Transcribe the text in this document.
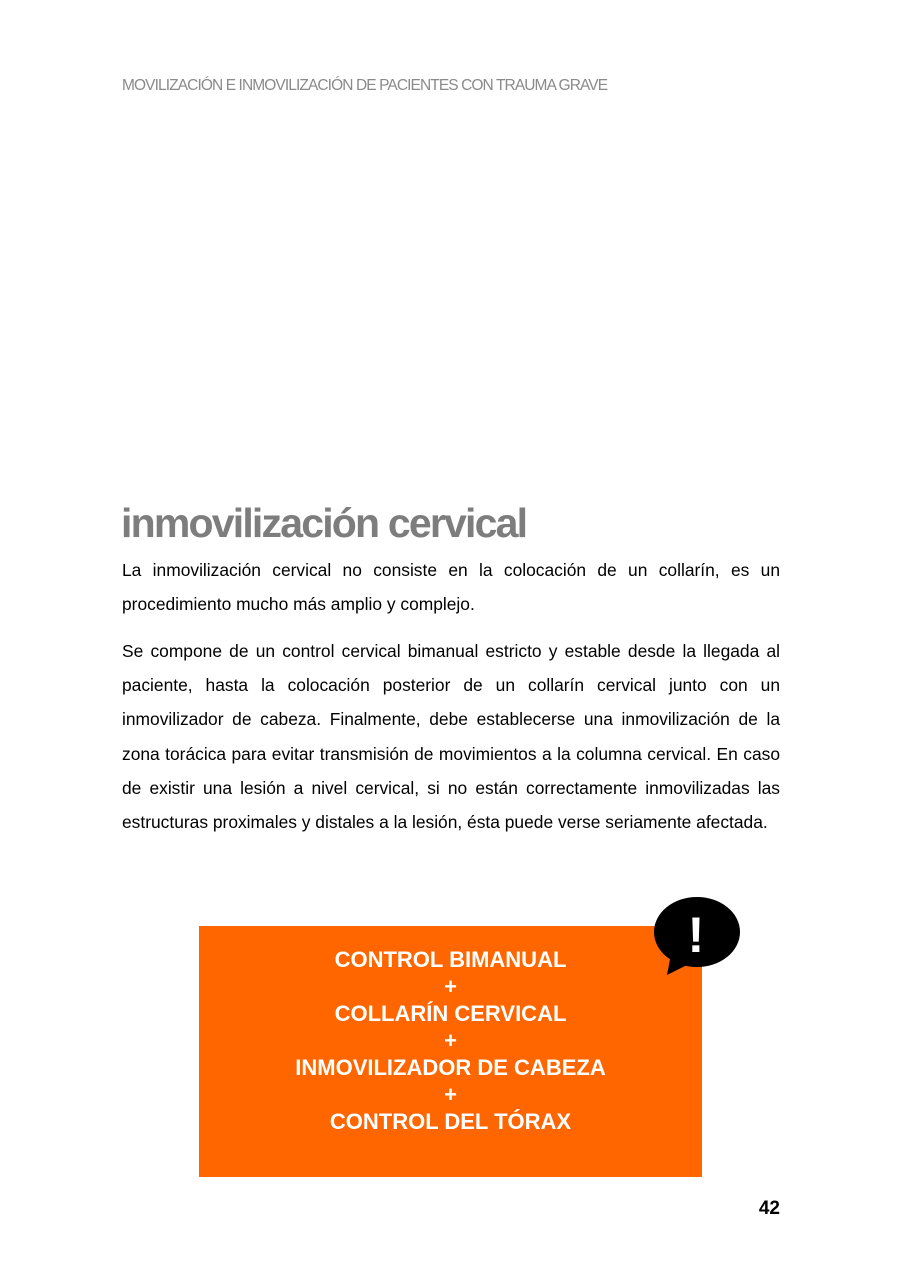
MOVILIZACIÓN E INMOVILIZACIÓN DE PACIENTES CON TRAUMA GRAVE
inmovilización cervical

La inmovilización cervical no consiste en la colocación de un collarín, es un procedimiento mucho más amplio y complejo.

Se compone de un control cervical bimanual estricto y estable desde la llegada al paciente, hasta la colocación posterior de un collarín cervical junto con un inmovilizador de cabeza. Finalmente, debe establecerse una inmovilización de la zona torácica para evitar transmisión de movimientos a la columna cervical. En caso de existir una lesión a nivel cervical, si no están correctamente inmovilizadas las estructuras proximales y distales a la lesión, ésta puede verse seriamente afectada.

CONTROL BIMANUAL
+
COLLARÍN CERVICAL
+
INMOVILIZADOR DE CABEZA
+
CONTROL DEL TÓRAX
!
42
